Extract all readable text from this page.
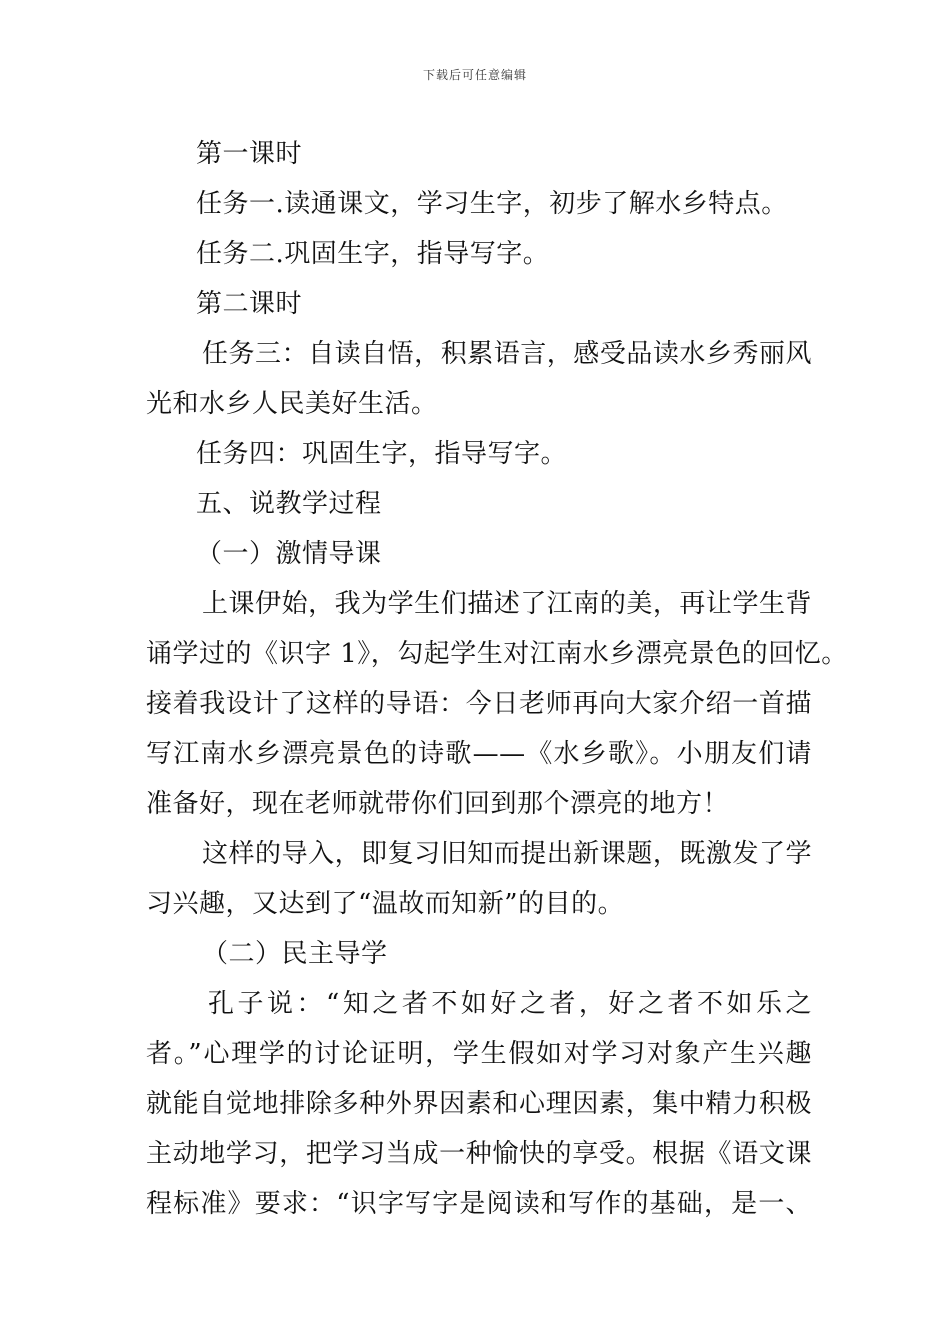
下载后可任意编辑
第一课时
任务一.读通课文，学习生字，初步了解水乡特点。
任务二.巩固生字，指导写字。
第二课时
任务三：自读自悟，积累语言，感受品读水乡秀丽风
光和水乡人民美好生活。
任务四：巩固生字，指导写字。
五、说教学过程
（一）激情导课
上课伊始，我为学生们描述了江南的美，再让学生背
诵学过的《识字 1》，勾起学生对江南水乡漂亮景色的回忆。
接着我设计了这样的导语：今日老师再向大家介绍一首描
写江南水乡漂亮景色的诗歌——《水乡歌》。小朋友们请
准备好，现在老师就带你们回到那个漂亮的地方！
这样的导入，即复习旧知而提出新课题，既激发了学
习兴趣，又达到了“温故而知新”的目的。
（二）民主导学
孔子说：“知之者不如好之者，好之者不如乐之
者。”心理学的讨论证明，学生假如对学习对象产生兴趣
就能自觉地排除多种外界因素和心理因素，集中精力积极
主动地学习，把学习当成一种愉快的享受。根据《语文课
程标准》要求：“识字写字是阅读和写作的基础，是一、
